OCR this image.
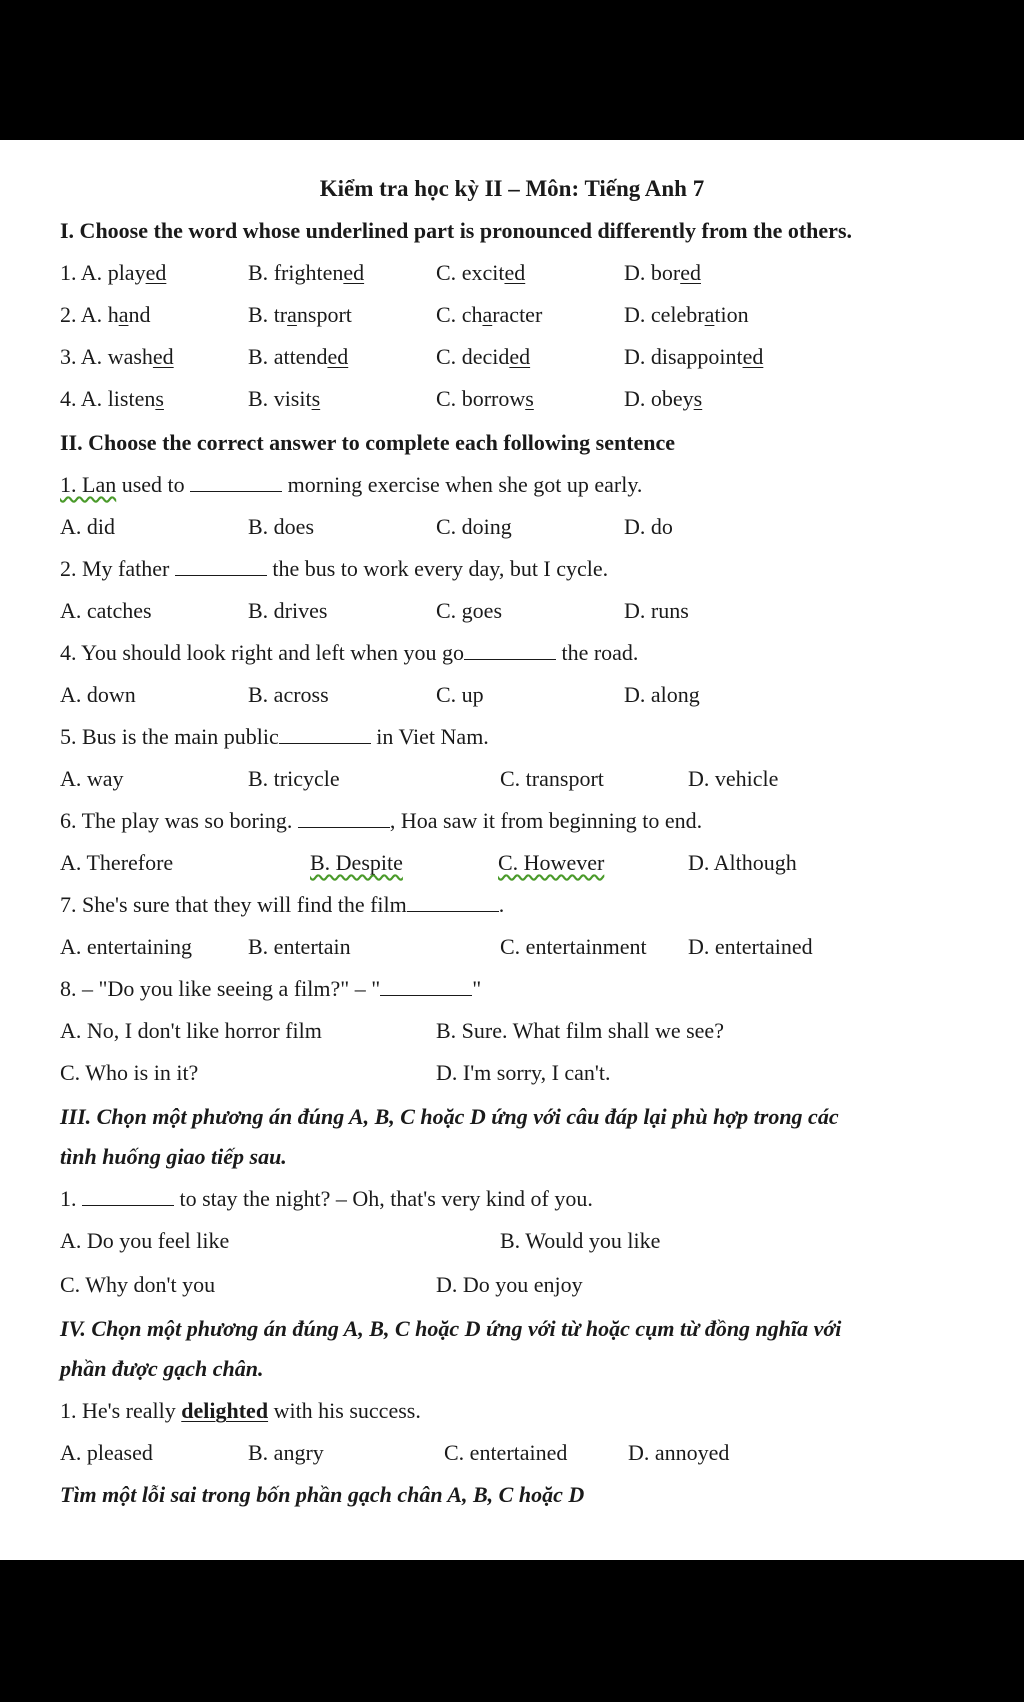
Kiểm tra học kỳ II – Môn: Tiếng Anh 7
I. Choose the word whose underlined part is pronounced differently from the others.
1. A. played	B. frightened	C. excited	D. bored
2. A. hand	B. transport	C. character	D. celebration
3. A. washed	B. attended	C. decided	D. disappointed
4. A. listens	B. visits	C. borrows	D. obeys
II. Choose the correct answer to complete each following sentence
1. Lan used to	morning exercise when she got up early.
A. did	B. does	C. doing	D. do
2. My father	the bus to work every day, but I cycle.
A. catches	B. drives	C. goes	D. runs
4. You should look right and left when you go	the road.
A. down	B. across	C. up	D. along
5. Bus is the main public	in Viet Nam.
A. way	B. tricycle	C. transport	D. vehicle
6. The play was so boring.	, Hoa saw it from beginning to end.
A. Therefore	B. Despite	C. However	D. Although
7. She's sure that they will find the film	.
A. entertaining	B. entertain	C. entertainment D. entertained
8. – "Do you like seeing a film?" – "	"
A. No, I don't like horror film	B. Sure. What film shall we see?
C. Who is in it?	D. I'm sorry, I can't.
III. Chọn một phương án đúng A, B, C hoặc D ứng với câu đáp lại phù hợp trong các
tình huống giao tiếp sau.
1.	to stay the night? – Oh, that's very kind of you.
A. Do you feel like	B. Would you like
C. Why don't you	D. Do you enjoy
IV. Chọn một phương án đúng A, B, C hoặc D ứng với từ hoặc cụm từ đồng nghĩa với
phần được gạch chân.
1. He's really delighted with his success.
A. pleased	B. angry	C. entertained	D. annoyed
Tìm một lỗi sai trong bốn phần gạch chân A, B, C hoặc D
